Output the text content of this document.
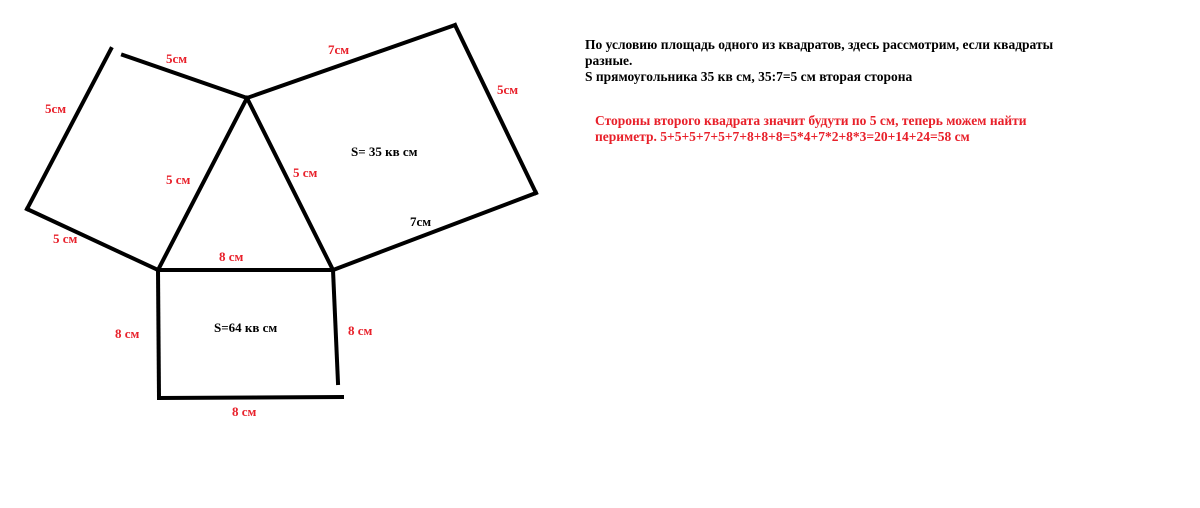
5см
5см
5 см
5 см	5 см
8 см
7см
5см
7см
S= 35 кв см
8 см	8 см
8 см
S=64 кв см
По условию площадь одного из квадратов, здесь рассмотрим, если квадраты
разные.
S прямоугольника 35 кв см, 35:7=5 см вторая сторона
Стороны второго квадрата значит будути по 5 см, теперь можем найти
периметр. 5+5+5+7+5+7+8+8+8=5*4+7*2+8*3=20+14+24=58 см
